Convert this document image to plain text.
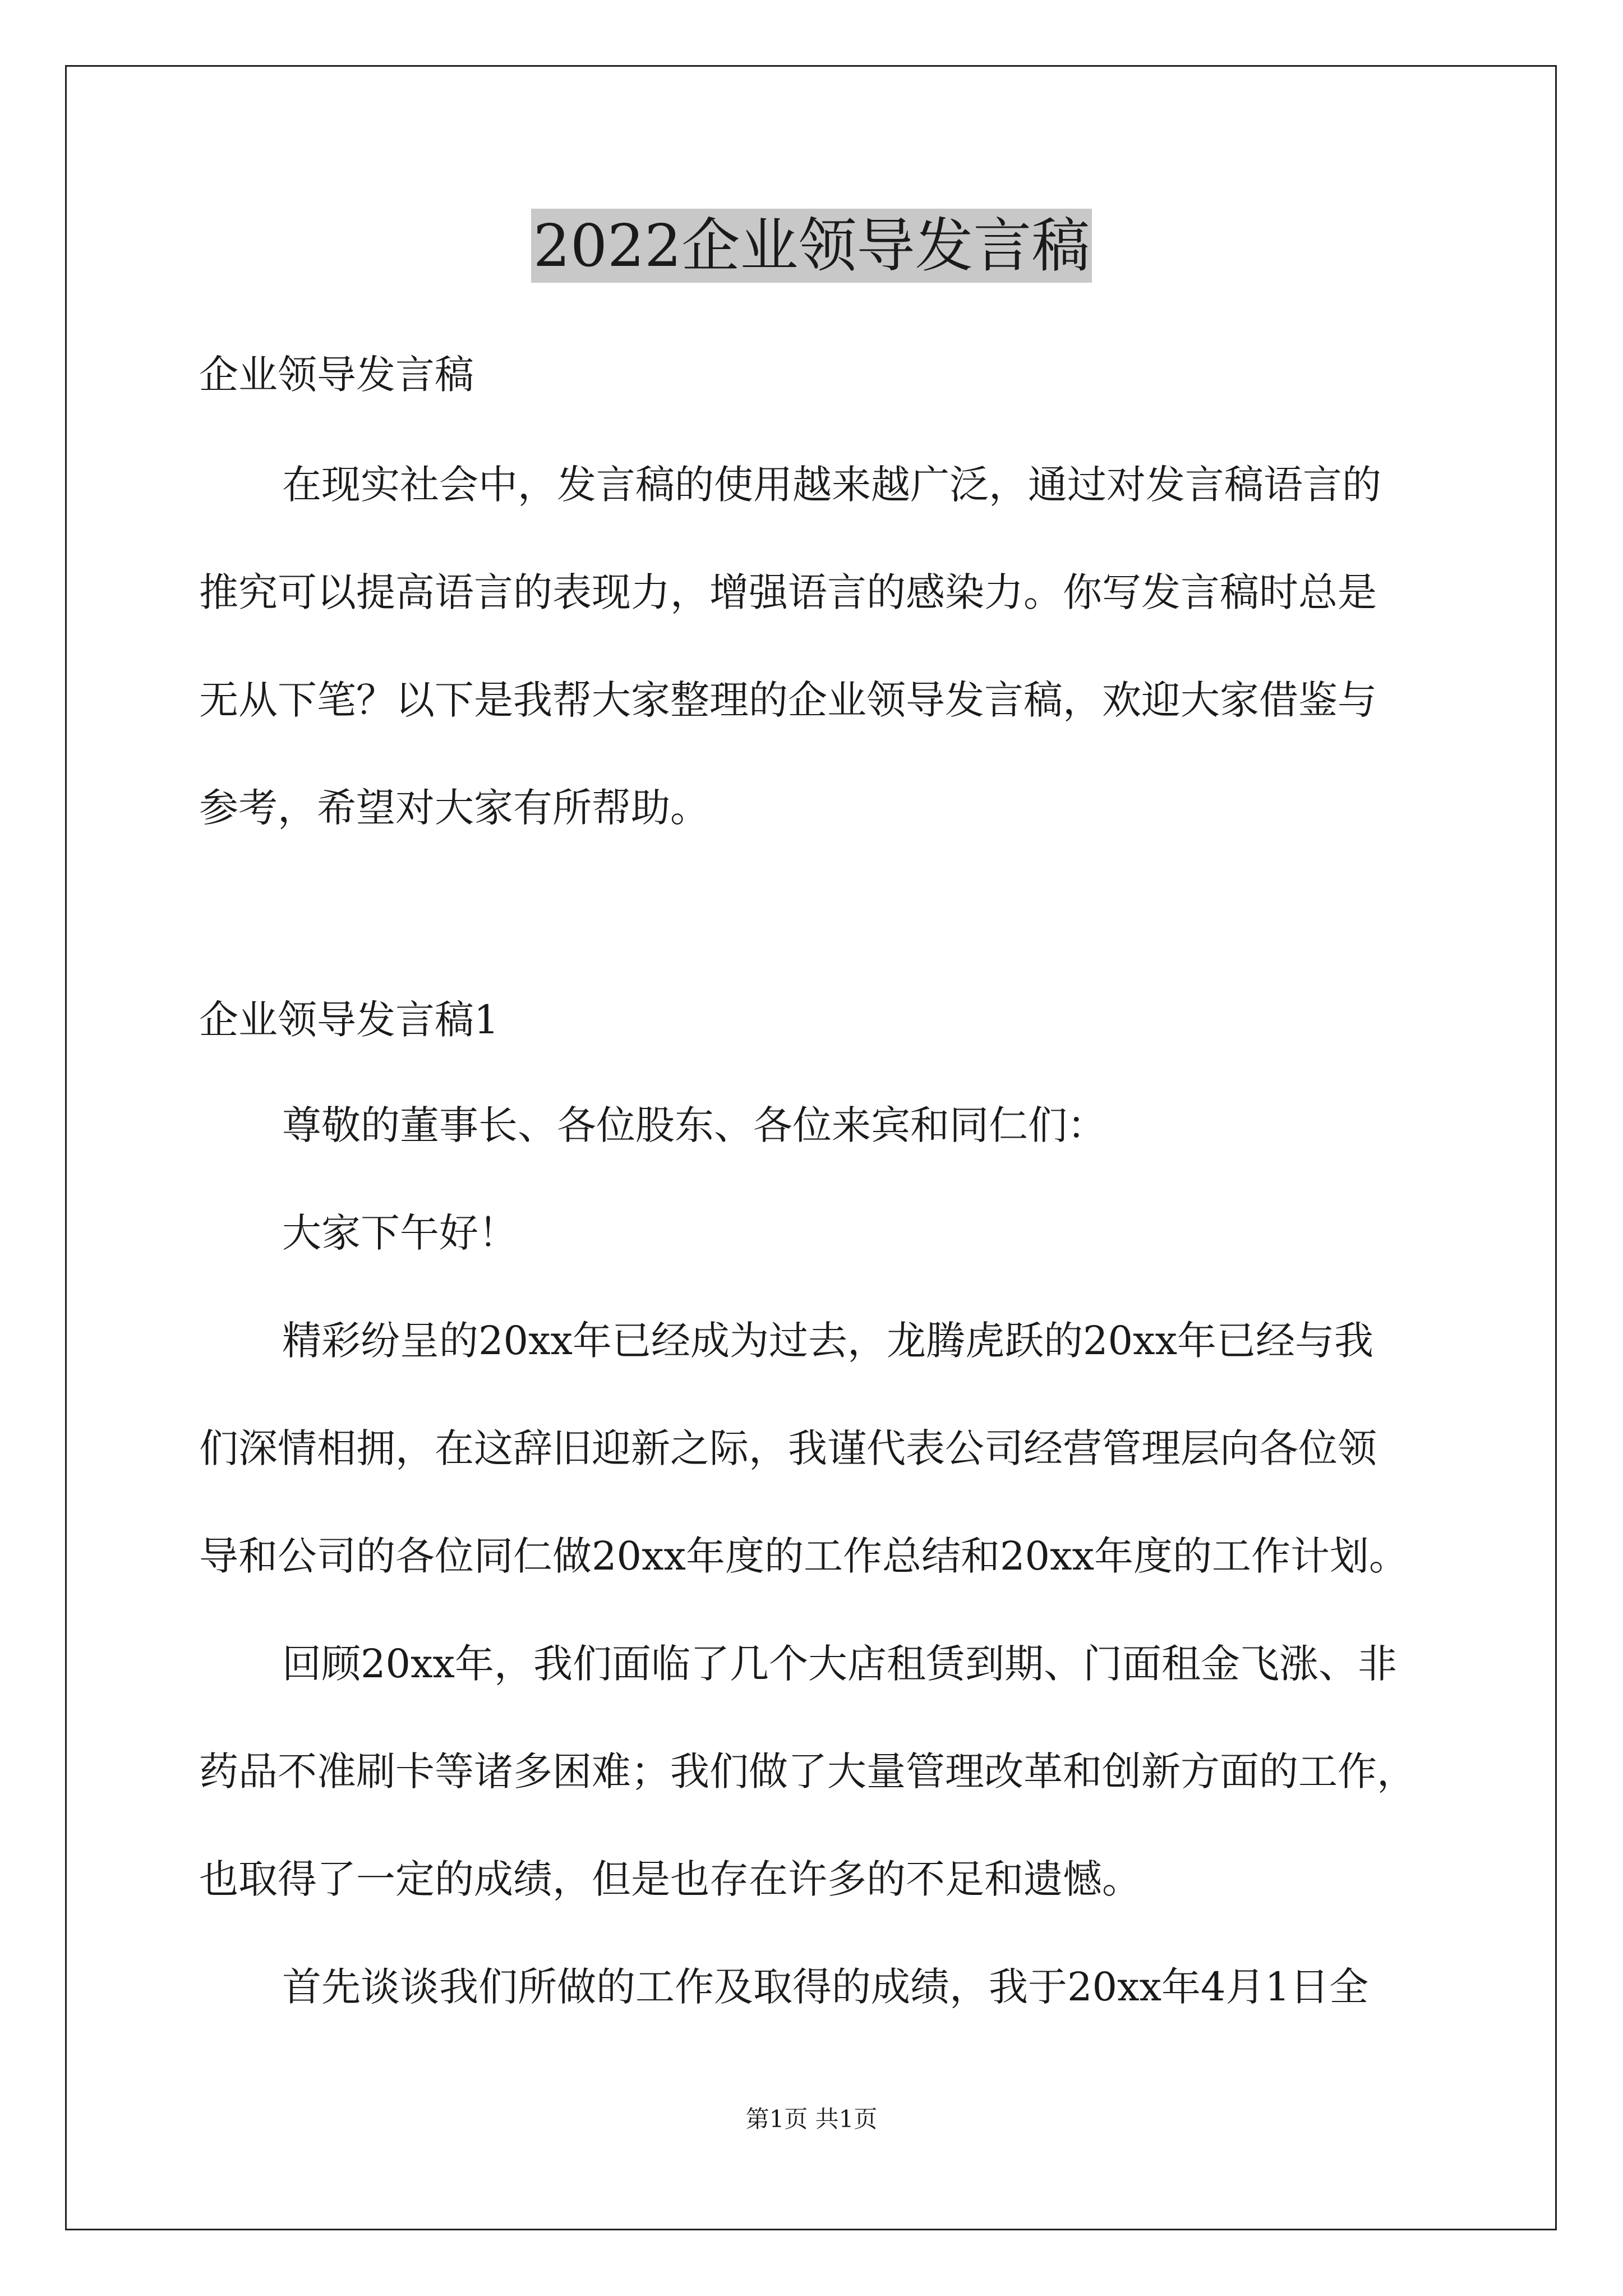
2022企业领导发言稿
企业领导发言稿
在现实社会中，发言稿的使用越来越广泛，通过对发言稿语言的
推究可以提高语言的表现力，增强语言的感染力。你写发言稿时总是
无从下笔？以下是我帮大家整理的企业领导发言稿，欢迎大家借鉴与
参考，希望对大家有所帮助。
企业领导发言稿1
尊敬的董事长、各位股东、各位来宾和同仁们：
大家下午好！
精彩纷呈的20xx年已经成为过去，龙腾虎跃的20xx年已经与我
们深情相拥，在这辞旧迎新之际，我谨代表公司经营管理层向各位领
导和公司的各位同仁做20xx年度的工作总结和20xx年度的工作计划。
回顾20xx年，我们面临了几个大店租赁到期、门面租金飞涨、非
药品不准刷卡等诸多困难；我们做了大量管理改革和创新方面的工作，
也取得了一定的成绩，但是也存在许多的不足和遗憾。
首先谈谈我们所做的工作及取得的成绩，我于20xx年4月1日全
第1页 共1页
